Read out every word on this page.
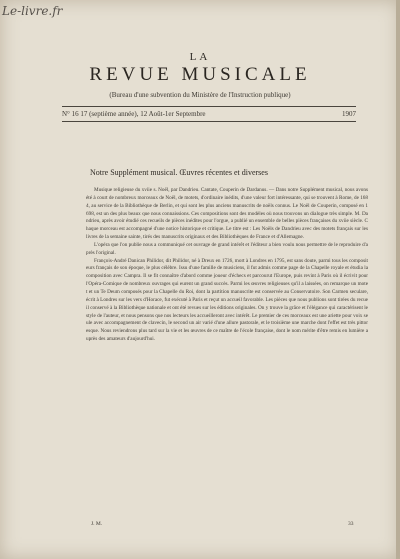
Le-livre.fr
LA
REVUE MUSICALE
(Bureau d'une subvention du Ministère de l'Instruction publique)
N° 16 17 (septième année), 12 Août-1er Septembre	1907
Notre Supplément musical. Œuvres récentes et diverses

Musique religieuse du xviie s. Noël, par Dandrieu. Cantate, Couperin de Dardanus. — Dans notre Supplément musical, nous avons été à court de nombreux morceaux de Noël, de motets, d'ordinaire inédits, d'une valeur fort intéressante, qui se trouvent à Rome, de 1684, au service de la Bibliothèque de Berlin, et qui sont les plus anciens manuscrits de noëls connus. Le Noël de Couperin, composé en 1698, est un des plus beaux que nous connaissions. Ces compositions sont des modèles où nous trouvons un dialogue très simple. M. Dandrieu, après avoir étudié ces recueils de pièces inédites pour l'orgue, a publié un ensemble de belles pièces françaises du xviie siècle. Chaque morceau est accompagné d'une notice historique et critique. Le titre est : Les Noëls de Dandrieu avec des motets français sur les livres de la semaine sainte, tirés des manuscrits originaux et des Bibliothèques de France et d'Allemagne.

L'opéra que l'on publie nous a communiqué cet ouvrage de grand intérêt et l'éditeur a bien voulu nous permettre de le reproduire d'après l'original.

François-André Danican Philidor, dit Philidor, né à Dreux en 1726, mort à Londres en 1795, est sans doute, parmi tous les compositeurs français de son époque, le plus célèbre. Issu d'une famille de musiciens, il fut admis comme page de la Chapelle royale et étudia la composition avec Campra. Il se fit connaître d'abord comme joueur d'échecs et parcourut l'Europe, puis revint à Paris où il écrivit pour l'Opéra-Comique de nombreux ouvrages qui eurent un grand succès. Parmi les œuvres religieuses qu'il a laissées, on remarque un motet et un Te Deum composés pour la Chapelle du Roi, dont la partition manuscrite est conservée au Conservatoire. Son Carmen seculare, écrit à Londres sur les vers d'Horace, fut exécuté à Paris et reçut un accueil favorable. Les pièces que nous publions sont tirées du recueil conservé à la Bibliothèque nationale et ont été revues sur les éditions originales. On y trouve la grâce et l'élégance qui caractérisent le style de l'auteur, et nous pensons que nos lecteurs les accueilleront avec intérêt. Le premier de ces morceaux est une ariette pour voix seule avec accompagnement de clavecin, le second un air varié d'une allure pastorale, et le troisième une marche dont l'effet est très pittoresque. Nous reviendrons plus tard sur la vie et les œuvres de ce maître de l'école française, dont le nom mérite d'être remis en lumière auprès des amateurs d'aujourd'hui.

J. M.	33
